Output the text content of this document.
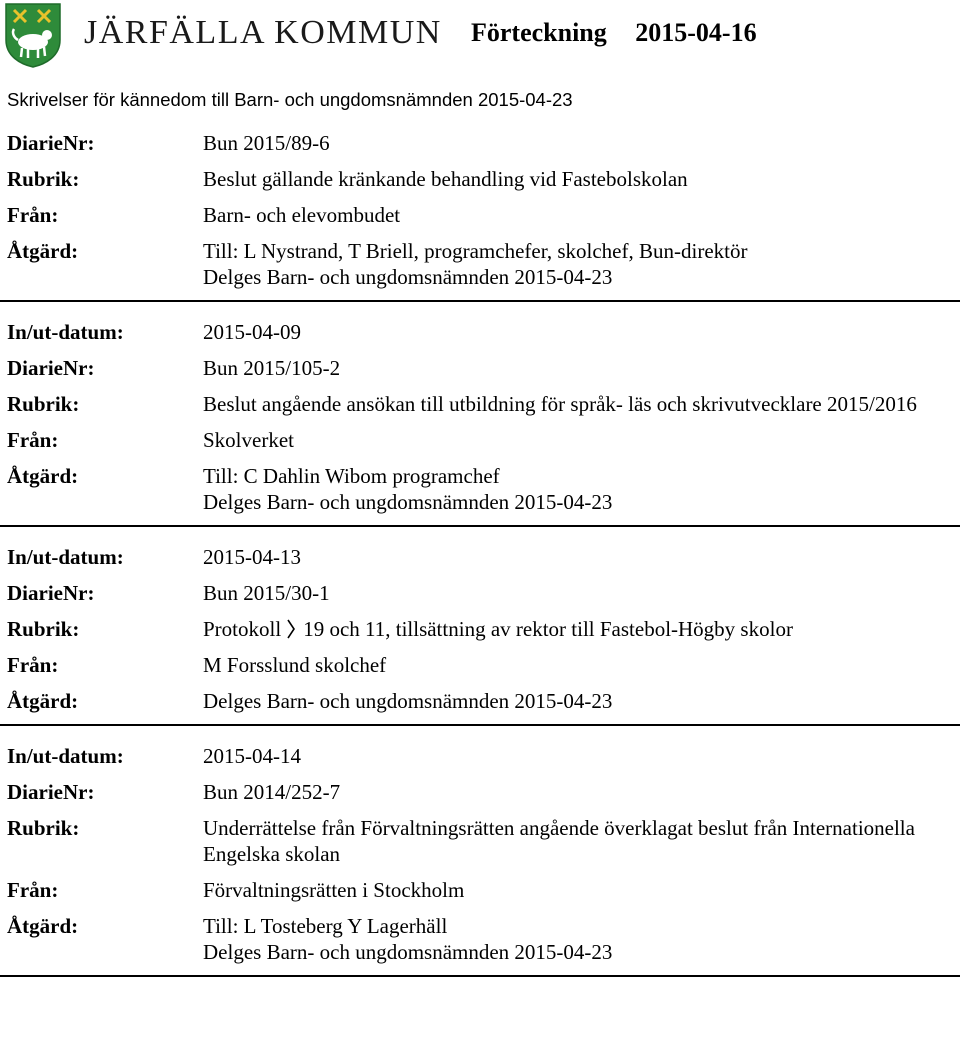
JÄRFÄLLA KOMMUN Förteckning 2015-04-16
Skrivelser för kännedom till Barn- och ungdomsnämnden 2015-04-23
DiarieNr:	Bun 2015/89-6
Rubrik:	Beslut gällande kränkande behandling vid Fastebolskolan
Från:	Barn- och elevombudet
Åtgärd:	Till: L Nystrand, T Briell, programchefer, skolchef, Bun-direktör
Delges Barn- och ungdomsnämnden 2015-04-23
In/ut-datum:	2015-04-09
DiarieNr:	Bun 2015/105-2
Rubrik:	Beslut angående ansökan till utbildning för språk- läs och skrivutvecklare 2015/2016
Från:	Skolverket
Åtgärd:	Till: C Dahlin Wibom programchef
Delges Barn- och ungdomsnämnden 2015-04-23
In/ut-datum:	2015-04-13
DiarieNr:	Bun 2015/30-1
Rubrik:	Protokoll 19 och 11, tillsättning av rektor till Fastebol-Högby skolor
Från:	M Forsslund skolchef
Åtgärd:	Delges Barn- och ungdomsnämnden 2015-04-23
In/ut-datum:	2015-04-14
DiarieNr:	Bun 2014/252-7
Rubrik:	Underrättelse från Förvaltningsrätten angående överklagat beslut från Internationella Engelska skolan
Från:	Förvaltningsrätten i Stockholm
Åtgärd:	Till: L Tosteberg Y Lagerhäll
Delges Barn- och ungdomsnämnden 2015-04-23
